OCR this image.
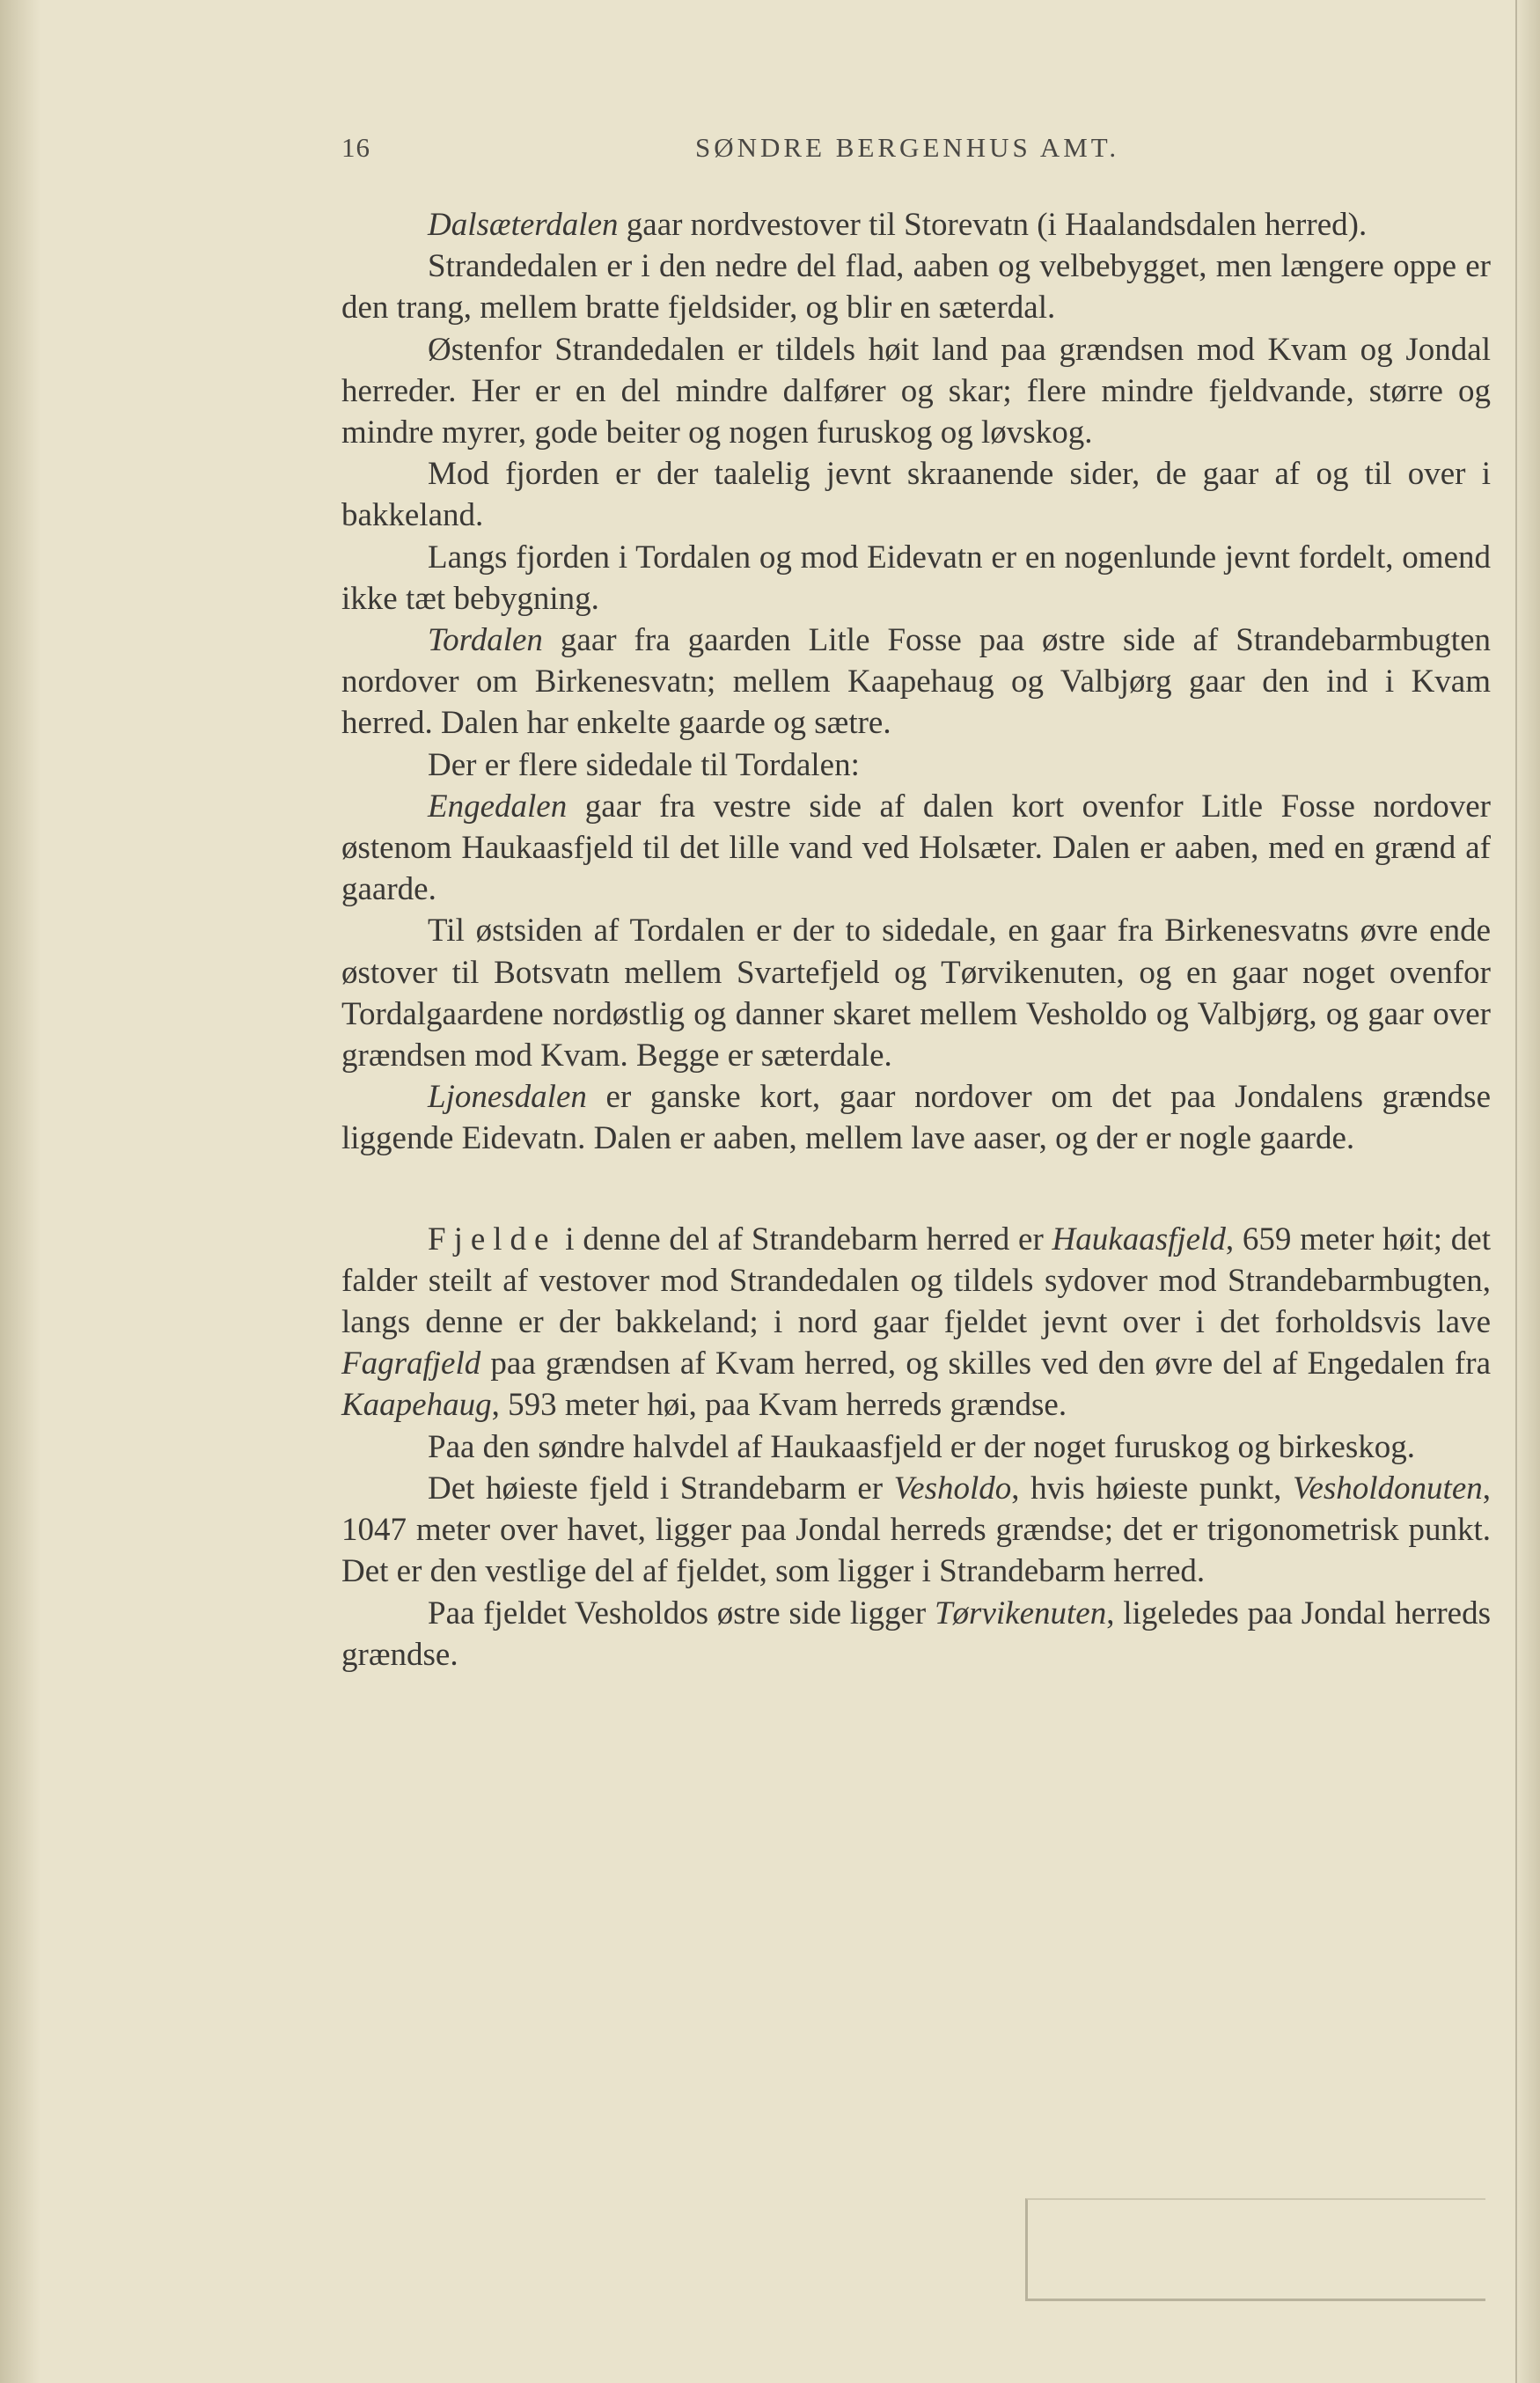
16	SØNDRE BERGENHUS AMT.

Dalsæterdalen gaar nordvestover til Storevatn (i Haalandsdalen herred).

Strandedalen er i den nedre del flad, aaben og velbebygget, men længere oppe er den trang, mellem bratte fjeldsider, og blir en sæterdal.

Østenfor Strandedalen er tildels høit land paa grændsen mod Kvam og Jondal herreder. Her er en del mindre dalfører og skar; flere mindre fjeldvande, større og mindre myrer, gode beiter og nogen furuskog og løvskog.

Mod fjorden er der taalelig jevnt skraanende sider, de gaar af og til over i bakkeland.

Langs fjorden i Tordalen og mod Eidevatn er en nogenlunde jevnt fordelt, omend ikke tæt bebygning.

Tordalen gaar fra gaarden Litle Fosse paa østre side af Strandebarmbugten nordover om Birkenesvatn; mellem Kaapehaug og Valbjørg gaar den ind i Kvam herred. Dalen har enkelte gaarde og sætre.

Der er flere sidedale til Tordalen:

Engedalen gaar fra vestre side af dalen kort ovenfor Litle Fosse nordover østenom Haukaasfjeld til det lille vand ved Holsæter. Dalen er aaben, med en grænd af gaarde.

Til østsiden af Tordalen er der to sidedale, en gaar fra Birkenesvatns øvre ende østover til Botsvatn mellem Svartefjeld og Tørvikenuten, og en gaar noget ovenfor Tordalgaardene nordøstlig og danner skaret mellem Vesholdo og Valbjørg, og gaar over grændsen mod Kvam. Begge er sæterdale.

Ljonesdalen er ganske kort, gaar nordover om det paa Jondalens grændse liggende Eidevatn. Dalen er aaben, mellem lave aaser, og der er nogle gaarde.

Fjelde i denne del af Strandebarm herred er Haukaasfjeld, 659 meter høit; det falder steilt af vestover mod Strandedalen og tildels sydover mod Strandebarmbugten, langs denne er der bakkeland; i nord gaar fjeldet jevnt over i det forholdsvis lave Fagrafjeld paa grændsen af Kvam herred, og skilles ved den øvre del af Engedalen fra Kaapehaug, 593 meter høi, paa Kvam herreds grændse.

Paa den søndre halvdel af Haukaasfjeld er der noget furuskog og birkeskog.

Det høieste fjeld i Strandebarm er Vesholdo, hvis høieste punkt, Vesholdonuten, 1047 meter over havet, ligger paa Jondal herreds grændse; det er trigonometrisk punkt. Det er den vestlige del af fjeldet, som ligger i Strandebarm herred.

Paa fjeldet Vesholdos østre side ligger Tørvikenuten, ligeledes paa Jondal herreds grændse.
